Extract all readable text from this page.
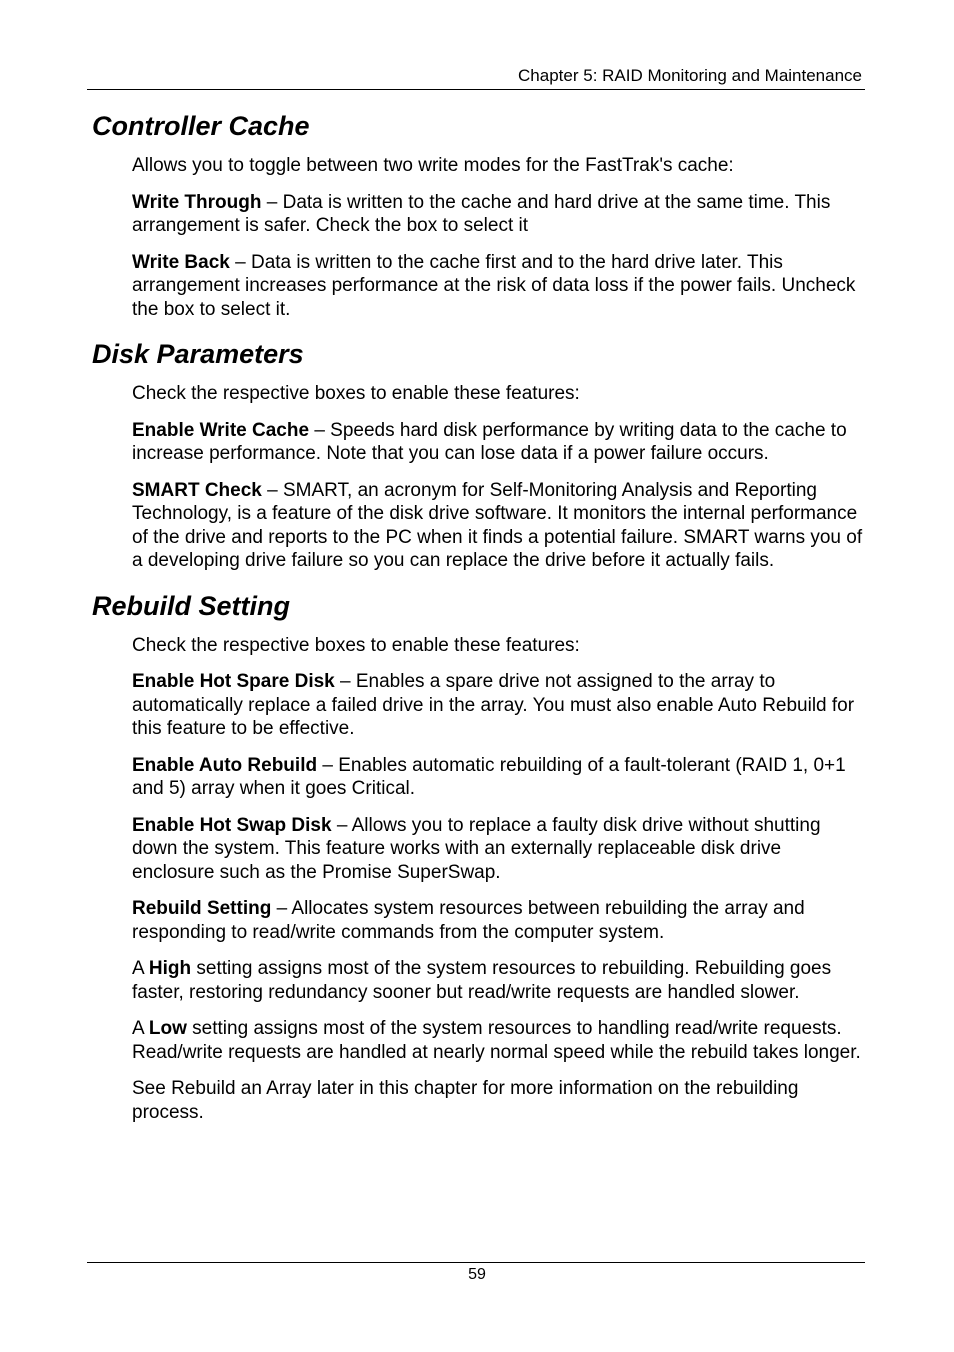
Chapter 5: RAID Monitoring and Maintenance
Controller Cache

Allows you to toggle between two write modes for the FastTrak's cache:

Write Through – Data is written to the cache and hard drive at the same time. This arrangement is safer. Check the box to select it

Write Back – Data is written to the cache first and to the hard drive later. This arrangement increases performance at the risk of data loss if the power fails. Uncheck the box to select it.

Disk Parameters

Check the respective boxes to enable these features:

Enable Write Cache – Speeds hard disk performance by writing data to the cache to increase performance. Note that you can lose data if a power failure occurs.

SMART Check – SMART, an acronym for Self-Monitoring Analysis and Reporting Technology, is a feature of the disk drive software. It monitors the internal performance of the drive and reports to the PC when it finds a potential failure. SMART warns you of a developing drive failure so you can replace the drive before it actually fails.

Rebuild Setting

Check the respective boxes to enable these features:

Enable Hot Spare Disk – Enables a spare drive not assigned to the array to automatically replace a failed drive in the array. You must also enable Auto Rebuild for this feature to be effective.

Enable Auto Rebuild – Enables automatic rebuilding of a fault-tolerant (RAID 1, 0+1 and 5) array when it goes Critical.

Enable Hot Swap Disk – Allows you to replace a faulty disk drive without shutting down the system. This feature works with an externally replaceable disk drive enclosure such as the Promise SuperSwap.

Rebuild Setting – Allocates system resources between rebuilding the array and responding to read/write commands from the computer system.

A High setting assigns most of the system resources to rebuilding. Rebuilding goes faster, restoring redundancy sooner but read/write requests are handled slower.

A Low setting assigns most of the system resources to handling read/write requests. Read/write requests are handled at nearly normal speed while the rebuild takes longer.

See Rebuild an Array later in this chapter for more information on the rebuilding process.

59
